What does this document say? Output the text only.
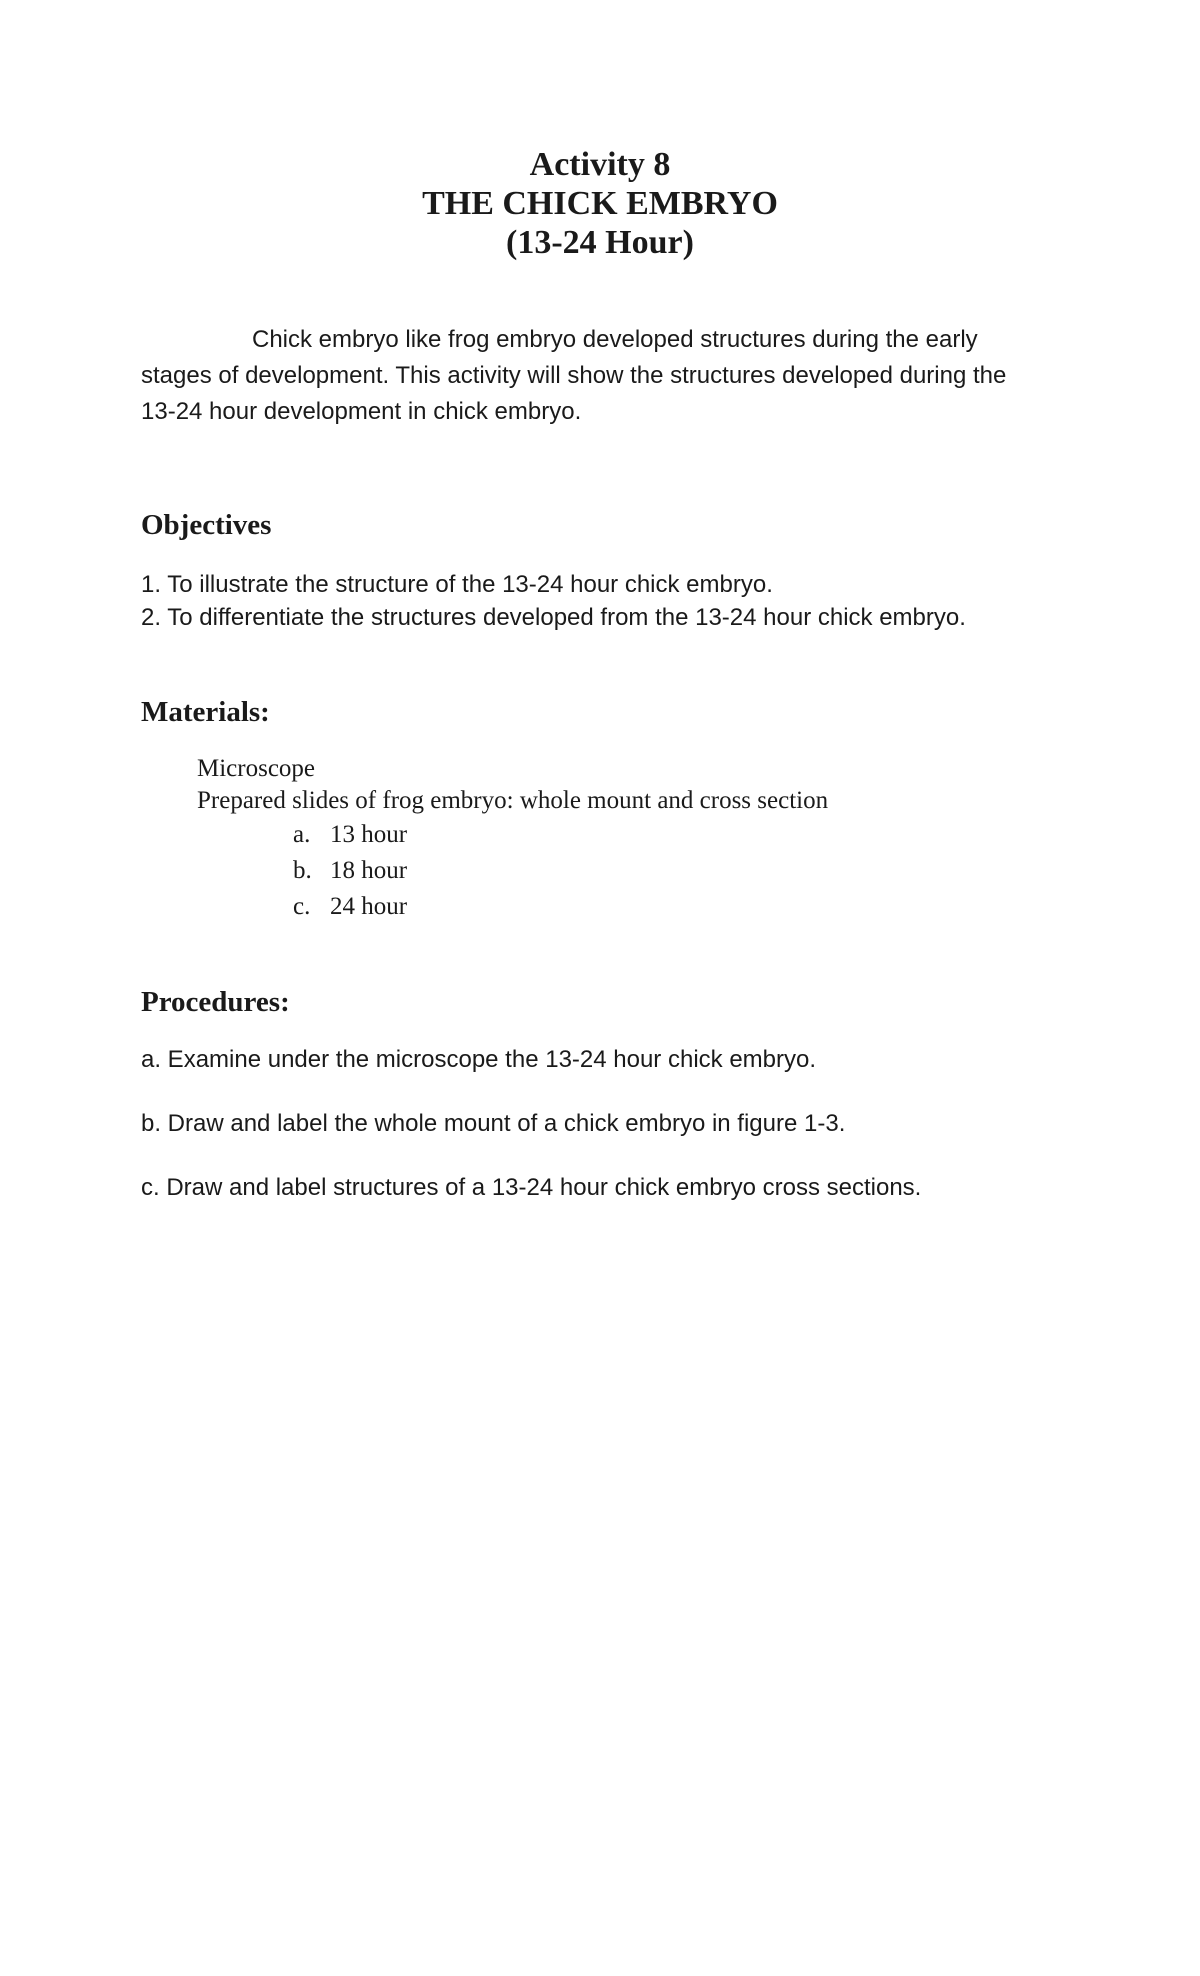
Activity 8
THE CHICK EMBRYO
(13-24 Hour)
Chick embryo like frog embryo developed structures during the early
stages of development. This activity will show the structures developed during the
13-24 hour development in chick embryo.
Objectives
1. To illustrate the structure of the 13-24 hour chick embryo.
2. To differentiate the structures developed from the 13-24 hour chick embryo.
Materials:
Microscope
Prepared slides of frog embryo: whole mount and cross section
a. 13 hour
b. 18 hour
c. 24 hour
Procedures:
a. Examine under the microscope the 13-24 hour chick embryo.
b. Draw and label the whole mount of a chick embryo in figure 1-3.
c. Draw and label structures of a 13-24 hour chick embryo cross sections.
